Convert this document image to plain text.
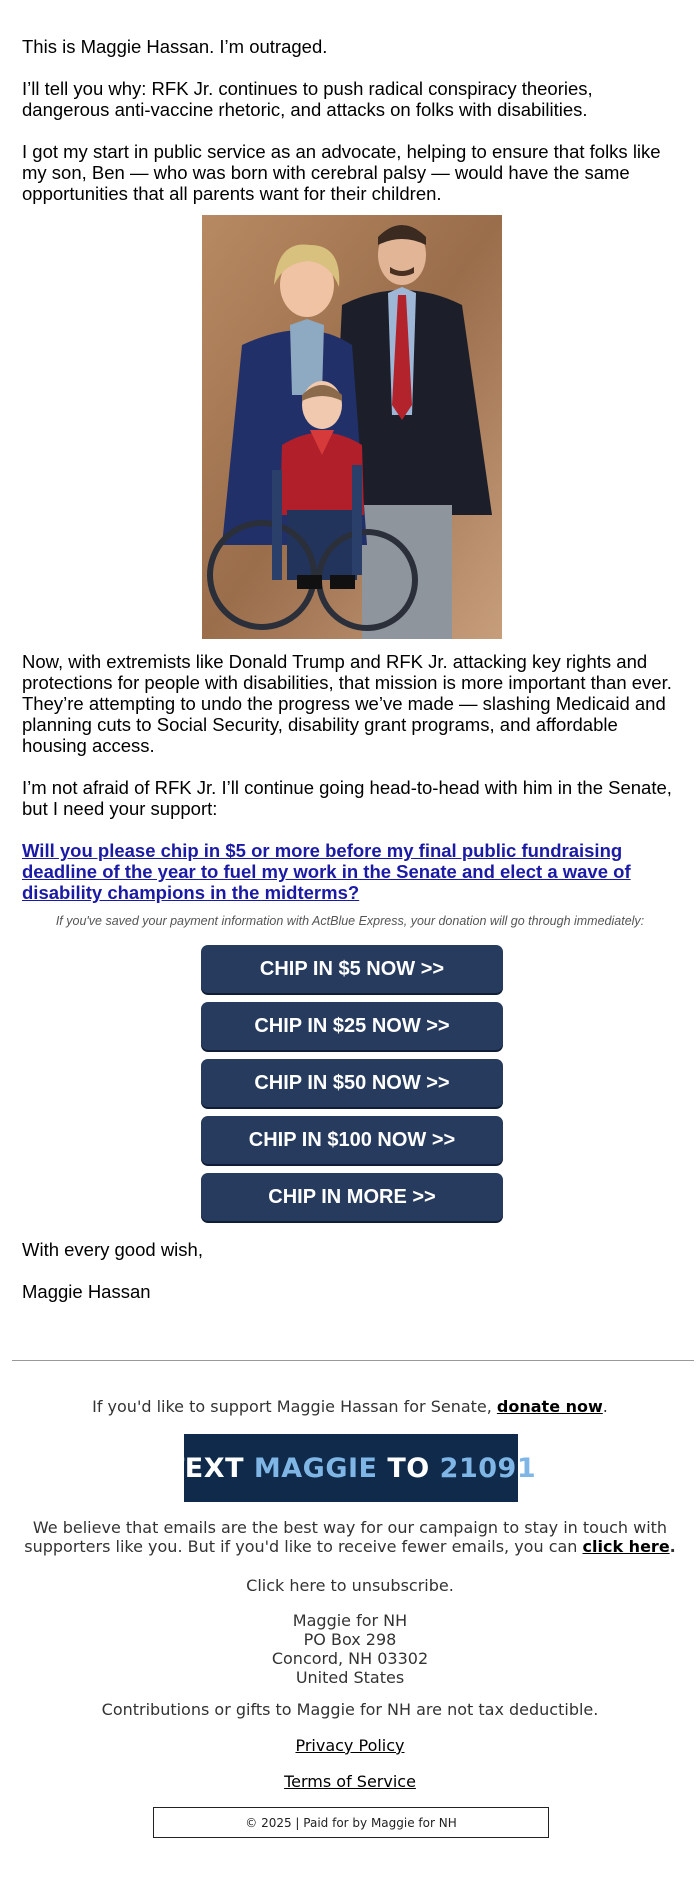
This is Maggie Hassan. I’m outraged.

I’ll tell you why: RFK Jr. continues to push radical conspiracy theories, dangerous anti-vaccine rhetoric, and attacks on folks with disabilities.

I got my start in public service as an advocate, helping to ensure that folks like my son, Ben — who was born with cerebral palsy — would have the same opportunities that all parents want for their children.

Now, with extremists like Donald Trump and RFK Jr. attacking key rights and protections for people with disabilities, that mission is more important than ever. They’re attempting to undo the progress we’ve made — slashing Medicaid and planning cuts to Social Security, disability grant programs, and affordable housing access.

I’m not afraid of RFK Jr. I’ll continue going head-to-head with him in the Senate, but I need your support:

Will you please chip in $5 or more before my final public fundraising deadline of the year to fuel my work in the Senate and elect a wave of disability champions in the midterms?
If you've saved your payment information with ActBlue Express, your donation will go through immediately:
CHIP IN $5 NOW >>
CHIP IN $25 NOW >>
CHIP IN $50 NOW >>
CHIP IN $100 NOW >>
CHIP IN MORE >>
With every good wish,
Maggie Hassan
If you'd like to support Maggie Hassan for Senate, donate now.
TEXT
MAGGIE
TO
21091
We believe that emails are the best way for our campaign to stay in touch with supporters like you. But if you'd like to receive fewer emails, you can click here.
Click here to unsubscribe.
Maggie for NH
PO Box 298
Concord, NH 03302
United States
Contributions or gifts to Maggie for NH are not tax deductible.
Privacy Policy
Terms of Service
© 2025 | Paid for by Maggie for NH
